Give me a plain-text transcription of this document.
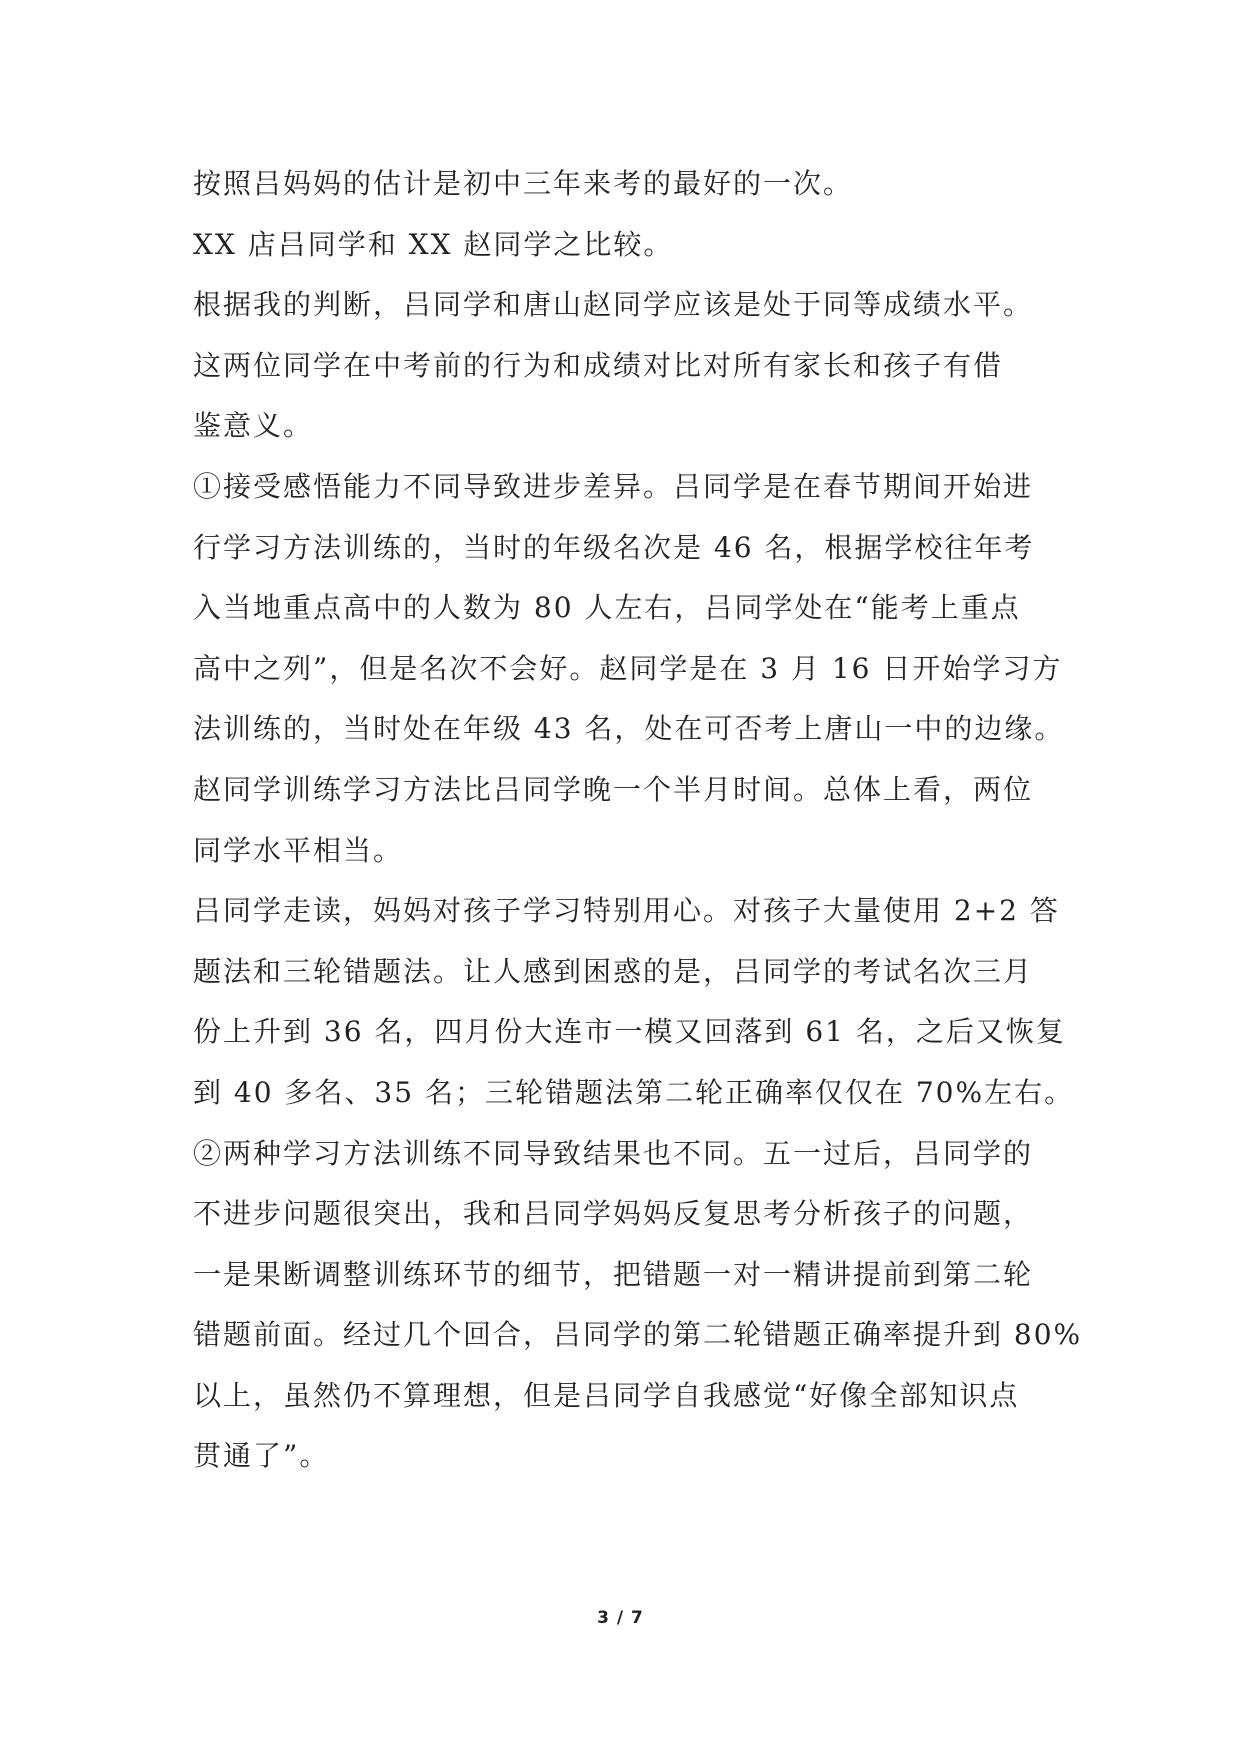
按照吕妈妈的估计是初中三年来考的最好的一次。
XX 店吕同学和 XX 赵同学之比较。
根据我的判断，吕同学和唐山赵同学应该是处于同等成绩水平。
这两位同学在中考前的行为和成绩对比对所有家长和孩子有借
鉴意义。
①接受感悟能力不同导致进步差异。吕同学是在春节期间开始进
行学习方法训练的，当时的年级名次是 46 名，根据学校往年考
入当地重点高中的人数为 80 人左右，吕同学处在“能考上重点
高中之列”，但是名次不会好。赵同学是在 3 月 16 日开始学习方
法训练的，当时处在年级 43 名，处在可否考上唐山一中的边缘。
赵同学训练学习方法比吕同学晚一个半月时间。总体上看，两位
同学水平相当。
吕同学走读，妈妈对孩子学习特别用心。对孩子大量使用 2+2 答
题法和三轮错题法。让人感到困惑的是，吕同学的考试名次三月
份上升到 36 名，四月份大连市一模又回落到 61 名，之后又恢复
到 40 多名、35 名；三轮错题法第二轮正确率仅仅在 70%左右。
②两种学习方法训练不同导致结果也不同。五一过后，吕同学的
不进步问题很突出，我和吕同学妈妈反复思考分析孩子的问题，
一是果断调整训练环节的细节，把错题一对一精讲提前到第二轮
错题前面。经过几个回合，吕同学的第二轮错题正确率提升到 80%
以上，虽然仍不算理想，但是吕同学自我感觉“好像全部知识点
贯通了”。
3 / 7
